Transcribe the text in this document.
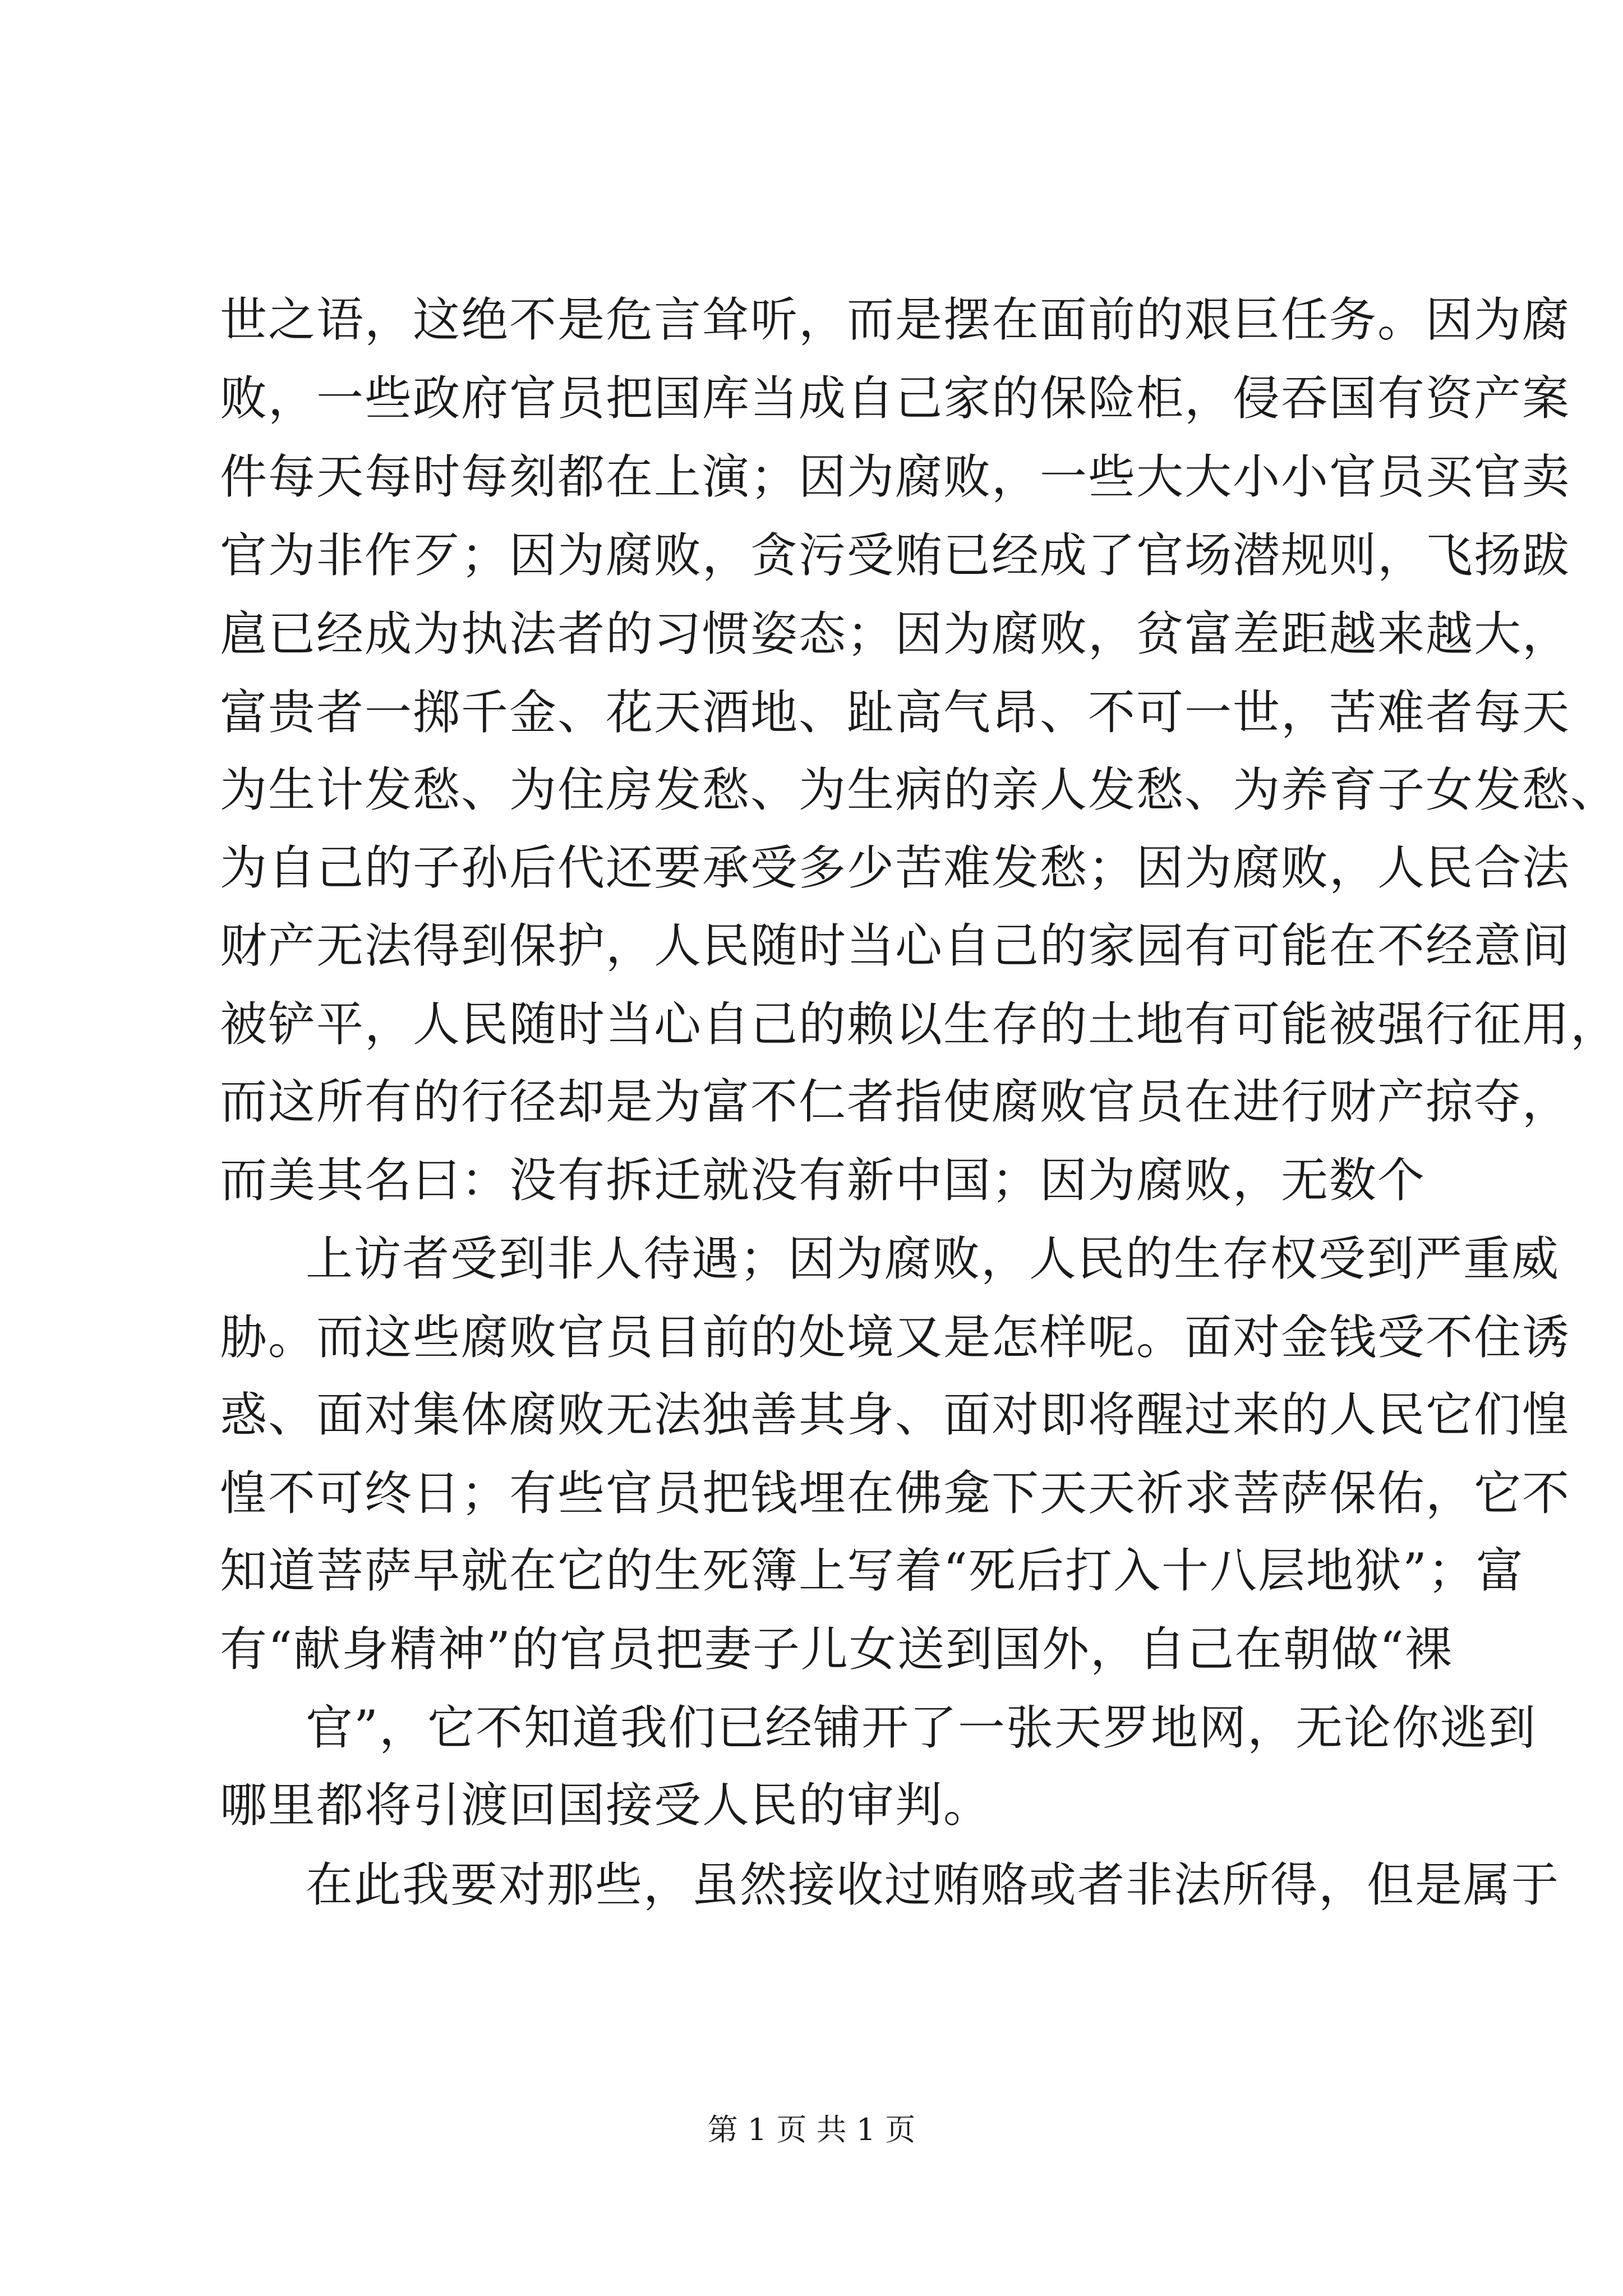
世之语，这绝不是危言耸听，而是摆在面前的艰巨任务。因为腐
败，一些政府官员把国库当成自己家的保险柜，侵吞国有资产案
件每天每时每刻都在上演；因为腐败，一些大大小小官员买官卖
官为非作歹；因为腐败，贪污受贿已经成了官场潜规则，飞扬跋
扈已经成为执法者的习惯姿态；因为腐败，贫富差距越来越大，
富贵者一掷千金、花天酒地、趾高气昂、不可一世，苦难者每天
为生计发愁、为住房发愁、为生病的亲人发愁、为养育子女发愁、
为自己的子孙后代还要承受多少苦难发愁；因为腐败，人民合法
财产无法得到保护，人民随时当心自己的家园有可能在不经意间
被铲平，人民随时当心自己的赖以生存的土地有可能被强行征用，
而这所有的行径却是为富不仁者指使腐败官员在进行财产掠夺，
而美其名曰：没有拆迁就没有新中国；因为腐败，无数个
上访者受到非人待遇；因为腐败，人民的生存权受到严重威
胁。而这些腐败官员目前的处境又是怎样呢。面对金钱受不住诱
惑、面对集体腐败无法独善其身、面对即将醒过来的人民它们惶
惶不可终日；有些官员把钱埋在佛龛下天天祈求菩萨保佑，它不
知道菩萨早就在它的生死簿上写着“死后打入十八层地狱”；富
有“献身精神”的官员把妻子儿女送到国外，自己在朝做“裸
官”，它不知道我们已经铺开了一张天罗地网，无论你逃到
哪里都将引渡回国接受人民的审判。
在此我要对那些，虽然接收过贿赂或者非法所得，但是属于
第 1 页 共 1 页
